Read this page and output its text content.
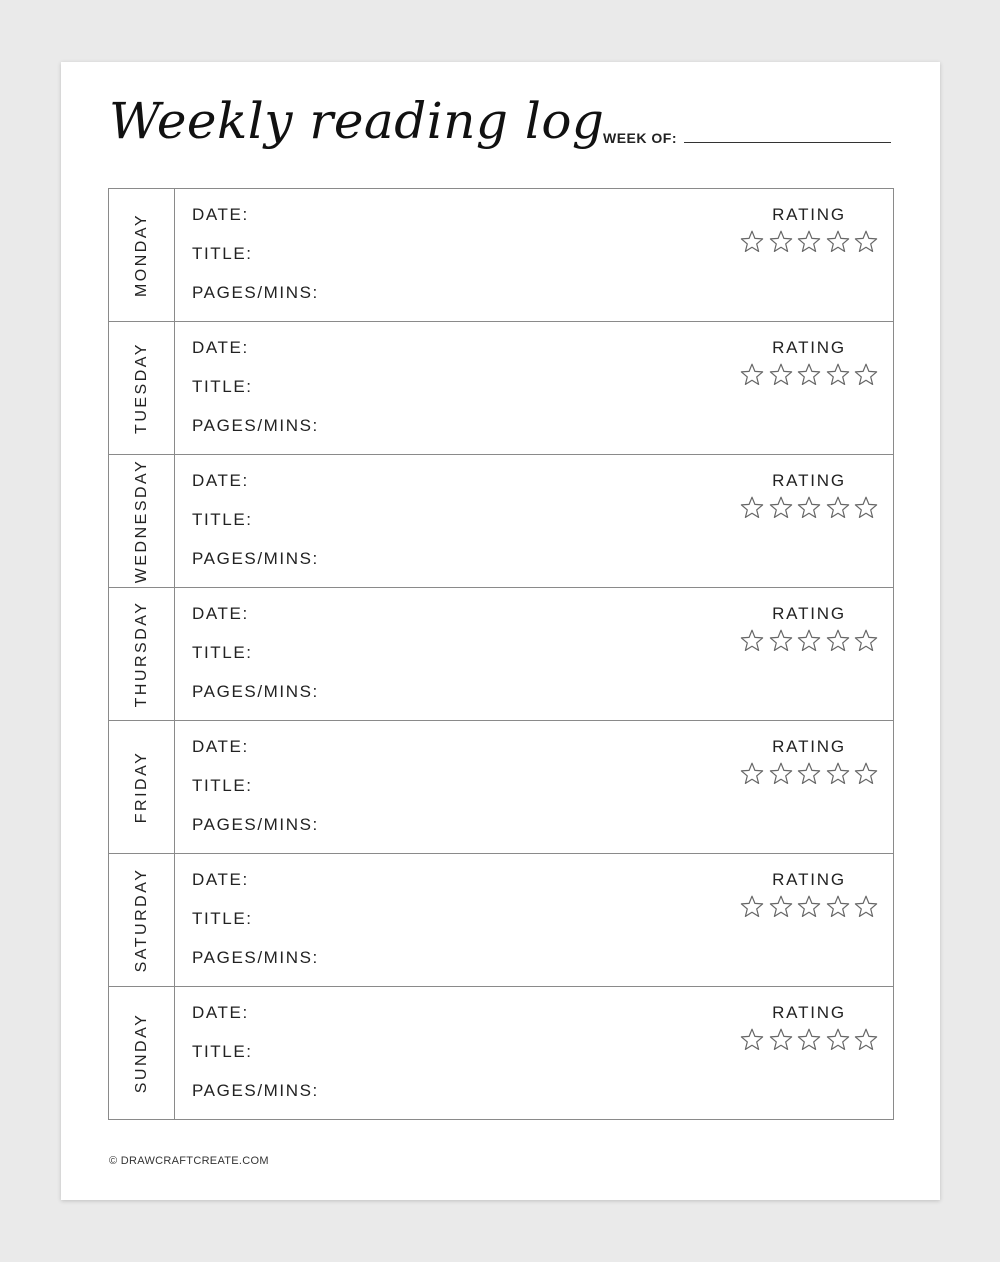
Weekly reading log
WEEK OF:
MONDAY	DATE:
TITLE:
PAGES/MINS:
RATING
TUESDAY	DATE:
TITLE:
PAGES/MINS:
RATING
WEDNESDAY	DATE:
TITLE:
PAGES/MINS:
RATING
THURSDAY	DATE:
TITLE:
PAGES/MINS:
RATING
FRIDAY
DATE:
TITLE:
PAGES/MINS:
RATING
SATURDAY	DATE:
TITLE:
PAGES/MINS:
RATING
SUNDAY
DATE:
TITLE:
PAGES/MINS:
RATING
© DRAWCRAFTCREATE.COM
